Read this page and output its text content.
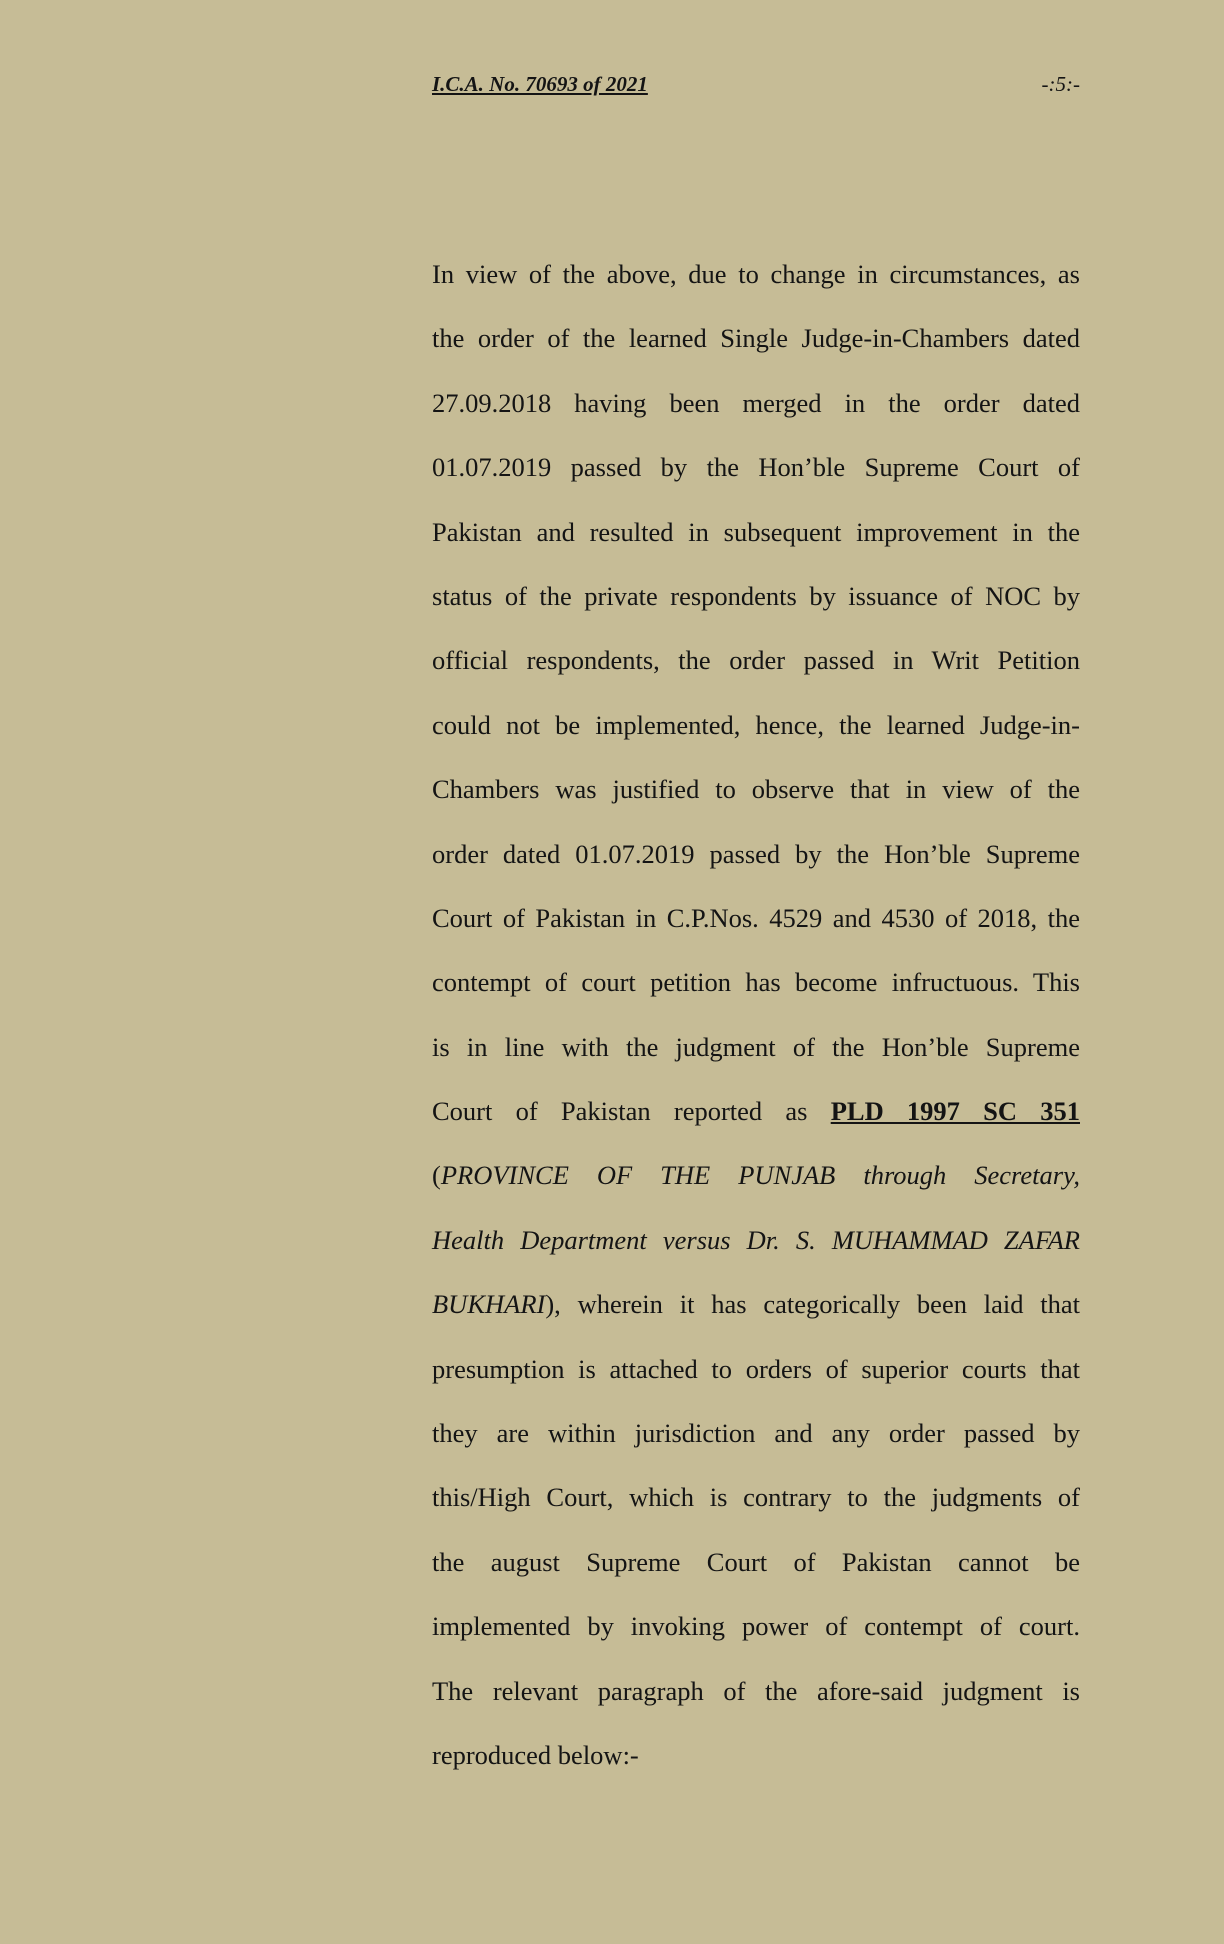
I.C.A. No. 70693 of 2021	-:5:-
In view of the above, due to change in circumstances, as
the order of the learned Single Judge-in-Chambers dated
27.09.2018 having been merged in the order dated
01.07.2019 passed by the Hon’ble Supreme Court of
Pakistan and resulted in subsequent improvement in the
status of the private respondents by issuance of NOC by
official respondents, the order passed in Writ Petition
could not be implemented, hence, the learned Judge-in-
Chambers was justified to observe that in view of the
order dated 01.07.2019 passed by the Hon’ble Supreme
Court of Pakistan in C.P.Nos. 4529 and 4530 of 2018, the
contempt of court petition has become infructuous. This
is in line with the judgment of the Hon’ble Supreme
Court of Pakistan reported as PLD 1997 SC 351
(PROVINCE OF THE PUNJAB through Secretary,
Health Department versus Dr. S. MUHAMMAD ZAFAR
BUKHARI), wherein it has categorically been laid that
presumption is attached to orders of superior courts that
they are within jurisdiction and any order passed by
this/High Court, which is contrary to the judgments of
the august Supreme Court of Pakistan cannot be
implemented by invoking power of contempt of court.
The relevant paragraph of the afore-said judgment is
reproduced below:-
